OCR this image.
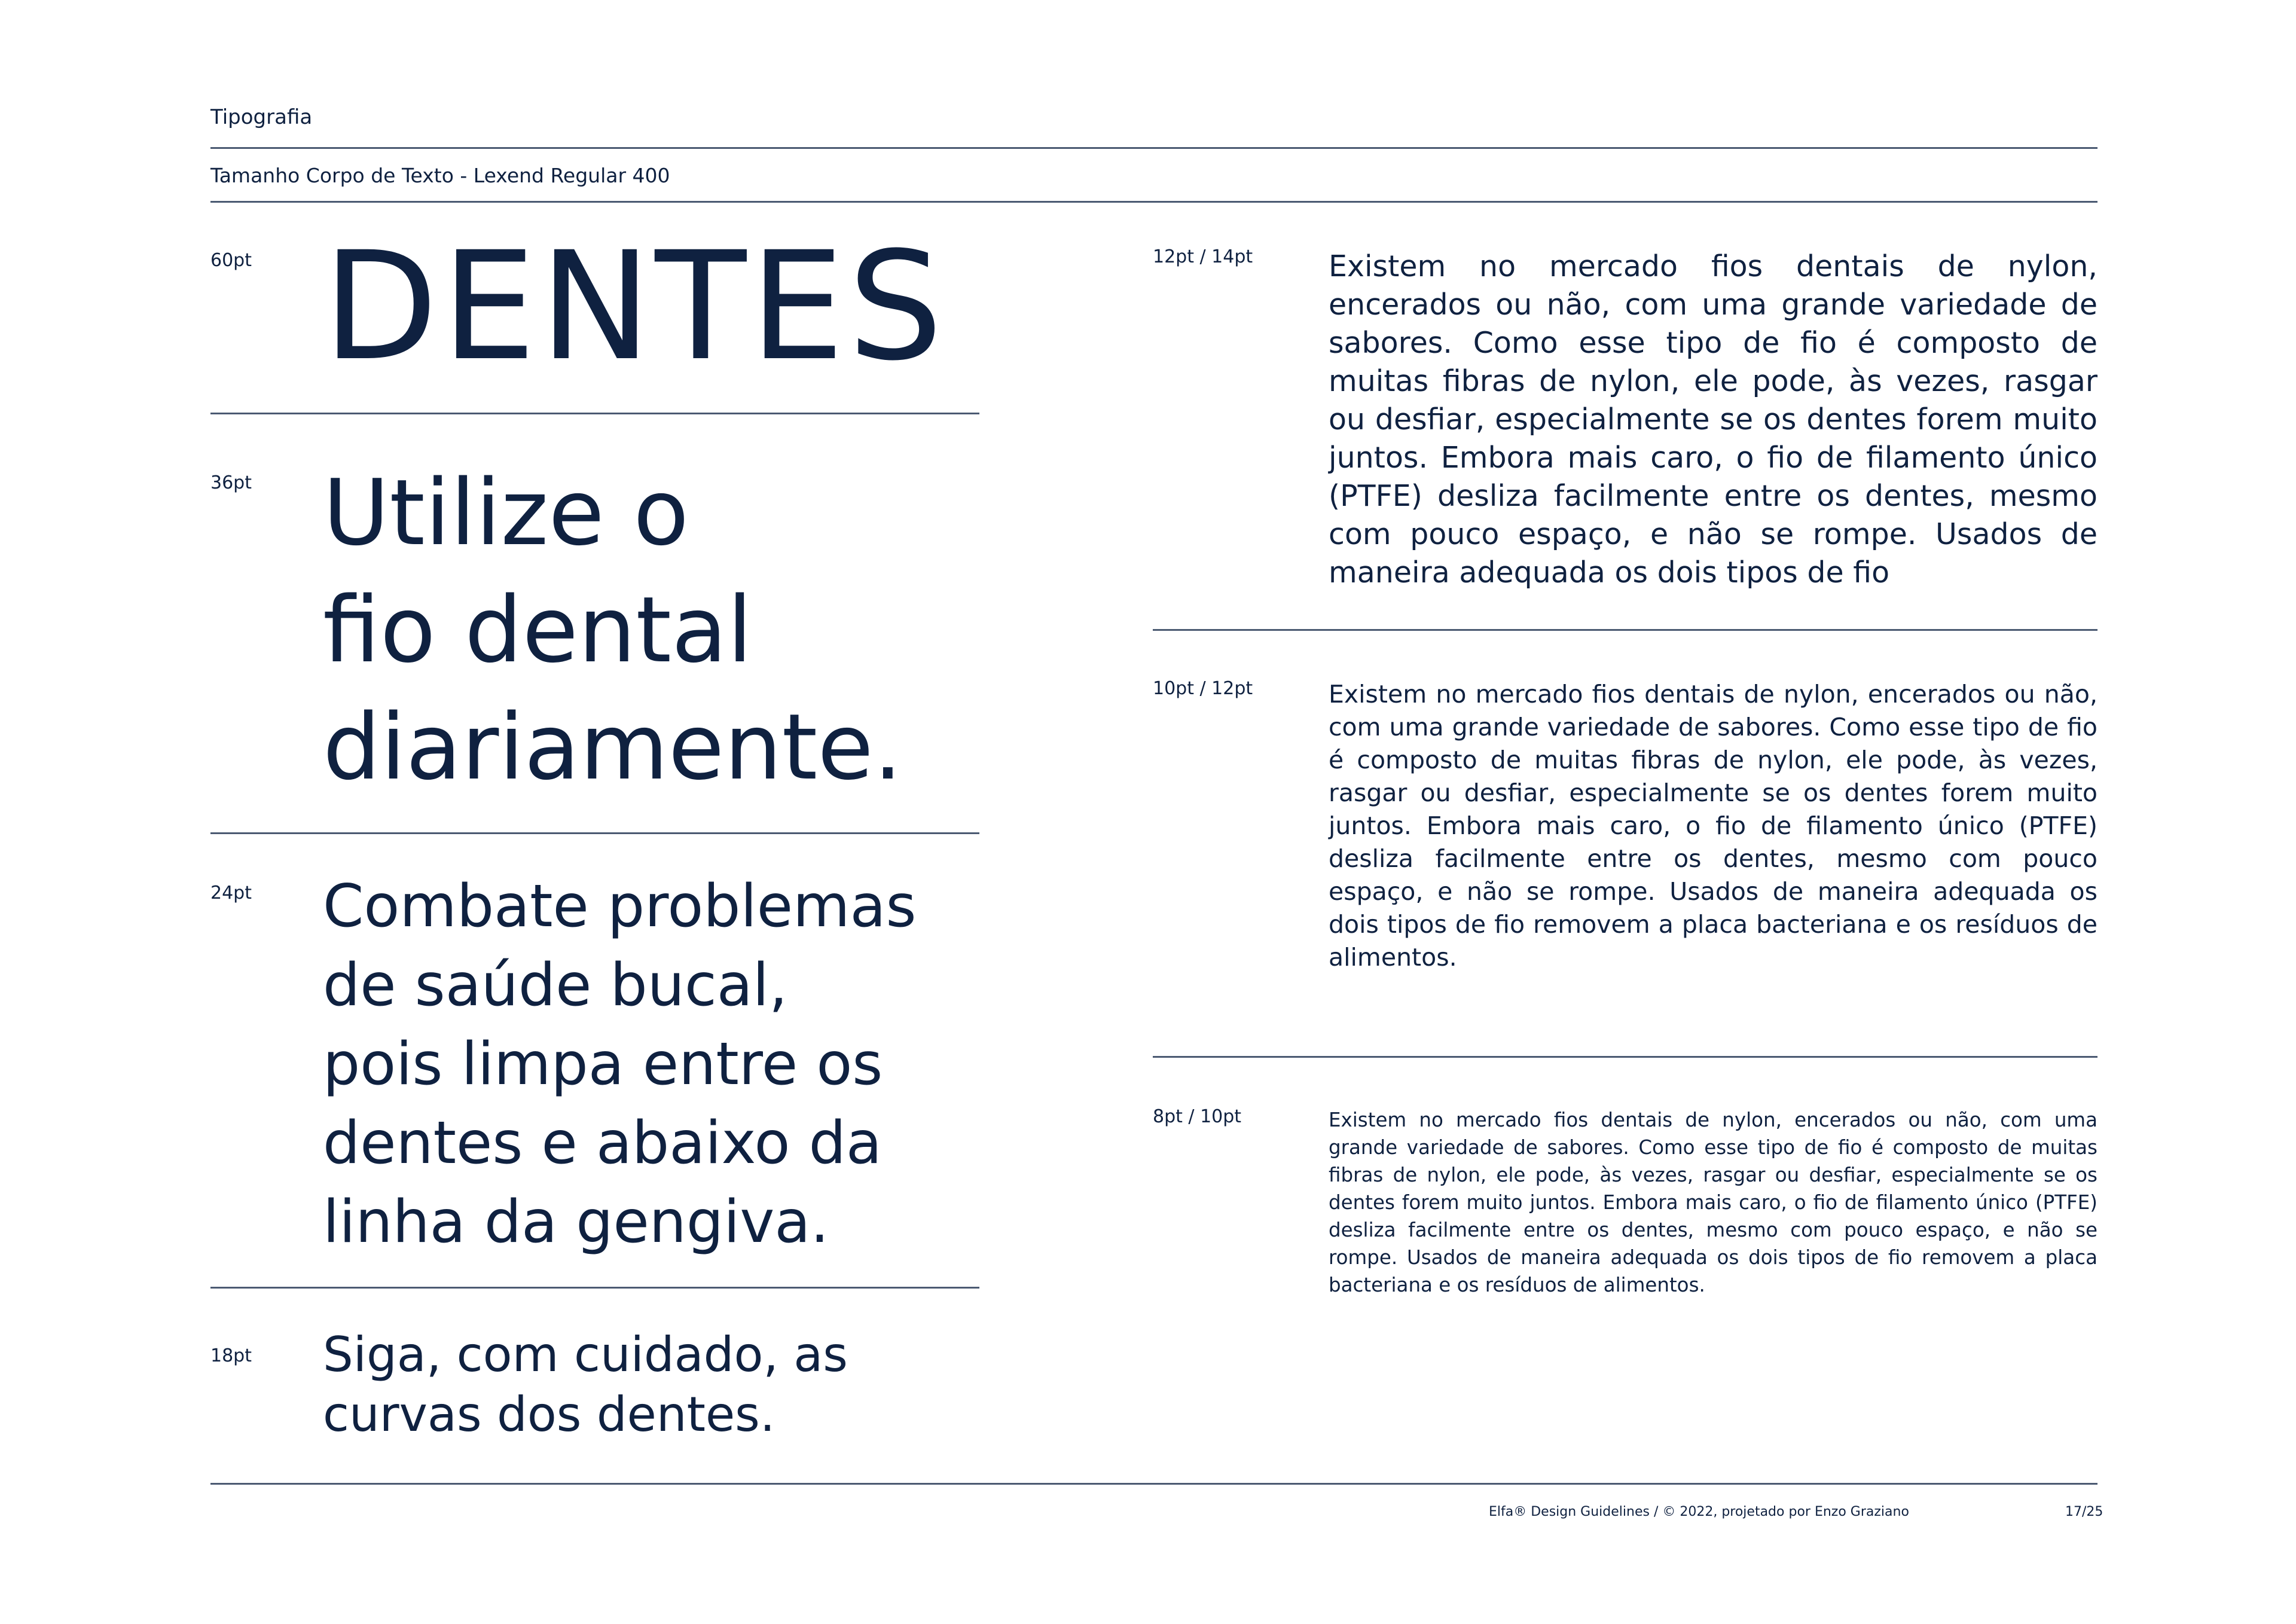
Tipografia
Tamanho Corpo de Texto - Lexend Regular 400
60pt DENTES
36pt Utilize o
fio dental
diariamente.
24pt Combate problemas
de saúde bucal,
pois limpa entre os
dentes e abaixo da
linha da gengiva.
18pt Siga, com cuidado, as
curvas dos dentes.
12pt / 14pt	Existem no mercado fios dentais de nylon, encerados ou não, com uma grande variedade de sabores. Como esse tipo de fio é composto de muitas fibras de nylon, ele pode, às vezes, rasgar ou desfiar, especialmente se os dentes forem muito juntos. Embora mais caro, o fio de filamento único (PTFE) desliza facilmente entre os dentes, mesmo com pouco espaço, e não se rompe. Usados de maneira adequada os dois tipos de fio
10pt / 12pt	Existem no mercado fios dentais de nylon, encerados ou não, com uma grande variedade de sabores. Como esse tipo de fio é composto de muitas fibras de nylon, ele pode, às vezes, rasgar ou desfiar, especialmente se os dentes forem muito juntos. Embora mais caro, o fio de filamento único (PTFE) desliza facilmente entre os dentes, mesmo com pouco espaço, e não se rompe. Usados de maneira adequada os dois tipos de fio removem a placa bacteriana e os resíduos de alimentos.
8pt / 10pt	Existem no mercado fios dentais de nylon, encerados ou não, com uma grande variedade de sabores. Como esse tipo de fio é composto de muitas fibras de nylon, ele pode, às vezes, rasgar ou desfiar, especialmente se os dentes forem muito juntos. Embora mais caro, o fio de filamento único (PTFE) desliza facilmente entre os dentes, mesmo com pouco espaço, e não se rompe. Usados de maneira adequada os dois tipos de fio removem a placa bacteriana e os resíduos de alimentos.
Elfa® Design Guidelines / © 2022, projetado por Enzo Graziano	17/25
